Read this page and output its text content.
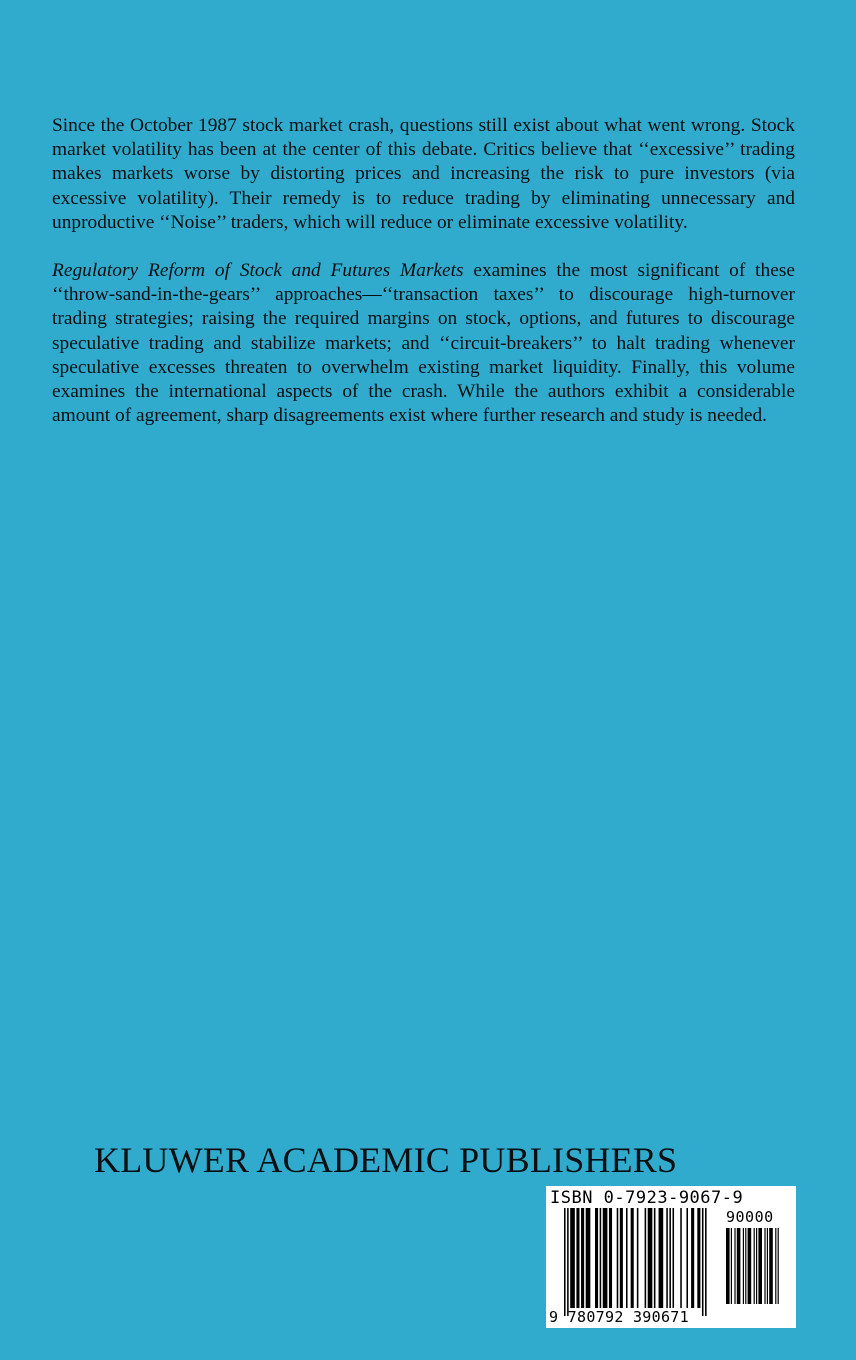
Since the October 1987 stock market crash, questions still exist about what went wrong. Stock market volatility has been at the center of this debate. Critics believe that ‘‘excessive’’ trading makes markets worse by distorting prices and increasing the risk to pure investors (via excessive volatility). Their remedy is to reduce trading by eliminating unnecessary and unproductive ‘‘Noise’’ traders, which will reduce or eliminate excessive volatility.

Regulatory Reform of Stock and Futures Markets examines the most significant of these ‘‘throw-sand-in-the-gears’’ approaches—‘‘transaction taxes’’ to discourage high-turnover trading strategies; raising the required margins on stock, options, and futures to discourage speculative trading and stabilize markets; and ‘‘circuit-breakers’’ to halt trading whenever speculative excesses threaten to overwhelm existing market liquidity. Finally, this volume examines the international aspects of the crash. While the authors exhibit a considerable amount of agreement, sharp disagreements exist where further research and study is needed.

KLUWER ACADEMIC PUBLISHERS
ISBN 0-7923-9067-9
90000
9 780792 390671
